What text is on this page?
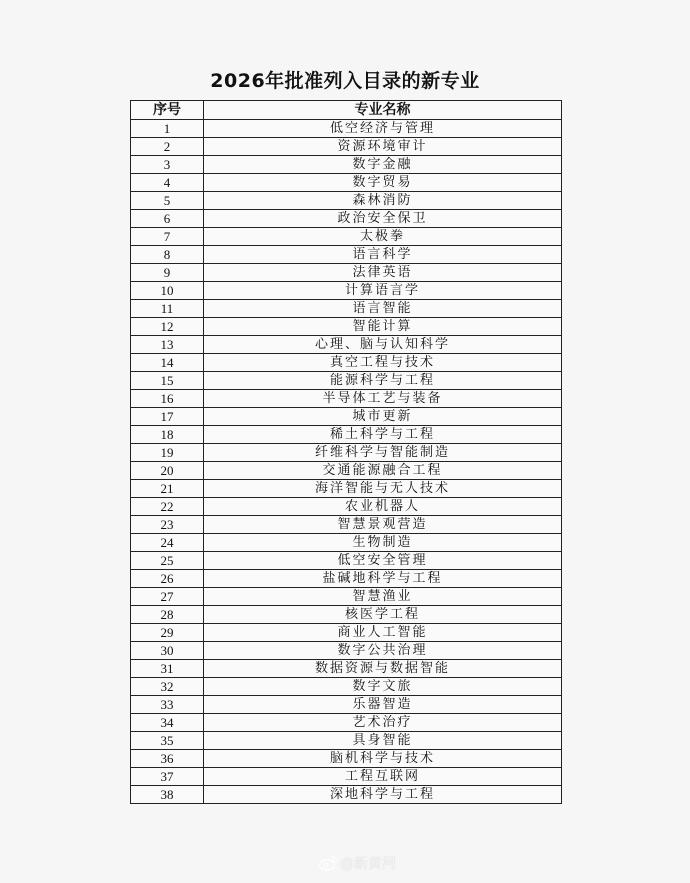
2026年批准列入目录的新专业
序号	专业名称
1	低空经济与管理
2	资源环境审计
3	数字金融
4	数字贸易
5	森林消防
6	政治安全保卫
7	太极拳
8	语言科学
9	法律英语
10	计算语言学
11	语言智能
12	智能计算
13	心理、脑与认知科学
14	真空工程与技术
15	能源科学与工程
16	半导体工艺与装备
17	城市更新
18	稀土科学与工程
19	纤维科学与智能制造
20	交通能源融合工程
21	海洋智能与无人技术
22	农业机器人
23	智慧景观营造
24	生物制造
25	低空安全管理
26	盐碱地科学与工程
27	智慧渔业
28	核医学工程
29	商业人工智能
30	数字公共治理
31	数据资源与数据智能
32	数字文旅
33	乐器智造
34	艺术治疗
35	具身智能
36	脑机科学与技术
37	工程互联网
38	深地科学与工程
@新黄河
